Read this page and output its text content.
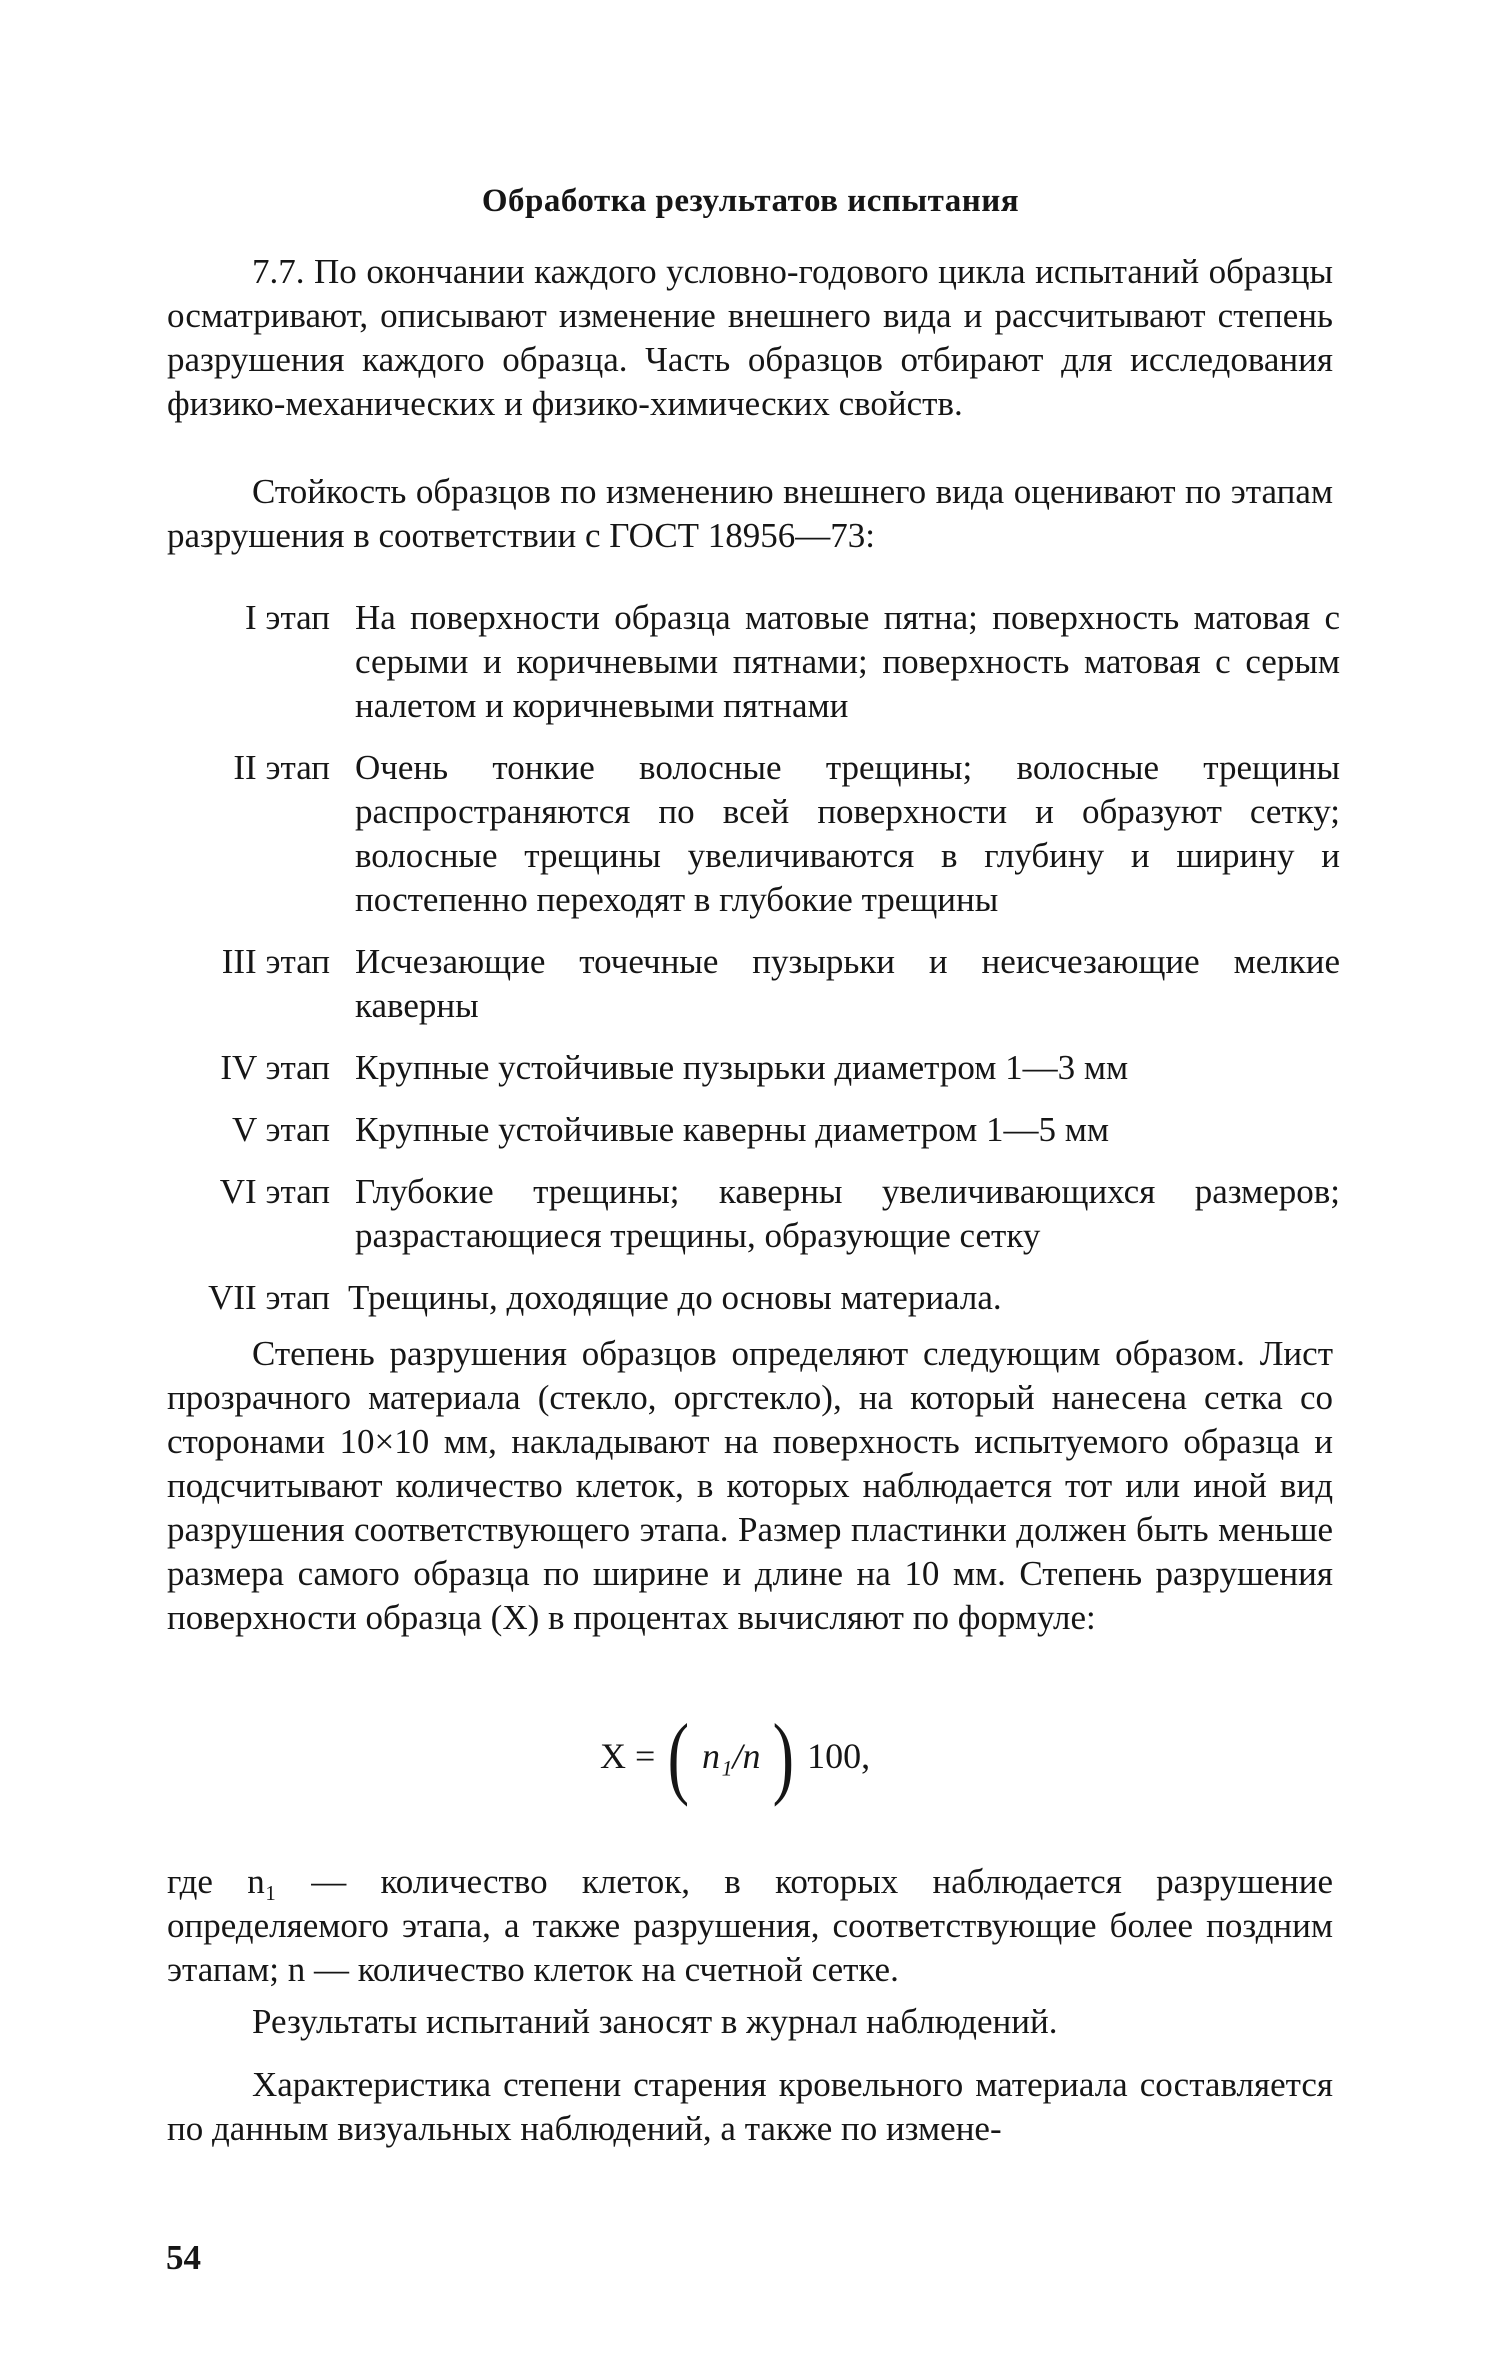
Обработка результатов испытания

7.7. По окончании каждого условно-годового цикла испытаний образцы осматривают, описывают изменение внешнего вида и рассчитывают степень разрушения каждого образца. Часть образцов отбирают для исследования физико-механических и физико-химических свойств.

Стойкость образцов по изменению внешнего вида оценивают по этапам разрушения в соответствии с ГОСТ 18956—73:

I этап На поверхности образца матовые пятна; поверхность матовая с серыми и коричневыми пятнами; поверхность матовая с серым налетом и коричневыми пятнами
II этап Очень тонкие волосные трещины; волосные трещины распространяются по всей поверхности и образуют сетку; волосные трещины увеличиваются в глубину и ширину и постепенно переходят в глубокие трещины
III этап Исчезающие точечные пузырьки и неисчезающие мелкие каверны
IV этап Крупные устойчивые пузырьки диаметром 1—3 мм
V этап Крупные устойчивые каверны диаметром 1—5 мм
VI этап Глубокие трещины; каверны увеличивающихся размеров; разрастающиеся трещины, образующие сетку
VII этап Трещины, доходящие до основы материала.

Степень разрушения образцов определяют следующим образом. Лист прозрачного материала (стекло, оргстекло), на который нанесена сетка со сторонами 10×10 мм, накладывают на поверхность испытуемого образца и подсчитывают количество клеток, в которых наблюдается тот или иной вид разрушения соответствующего этапа. Размер пластинки должен быть меньше размера самого образца по ширине и длине на 10 мм. Степень разрушения поверхности образца (X) в процентах вычисляют по формуле:

X = ( n₁/n ) 100,

где n₁ — количество клеток, в которых наблюдается разрушение определяемого этапа, а также разрушения, соответствующие более поздним этапам; n — количество клеток на счетной сетке.

Результаты испытаний заносят в журнал наблюдений.

Характеристика степени старения кровельного материала составляется по данным визуальных наблюдений, а также по измене-

54
